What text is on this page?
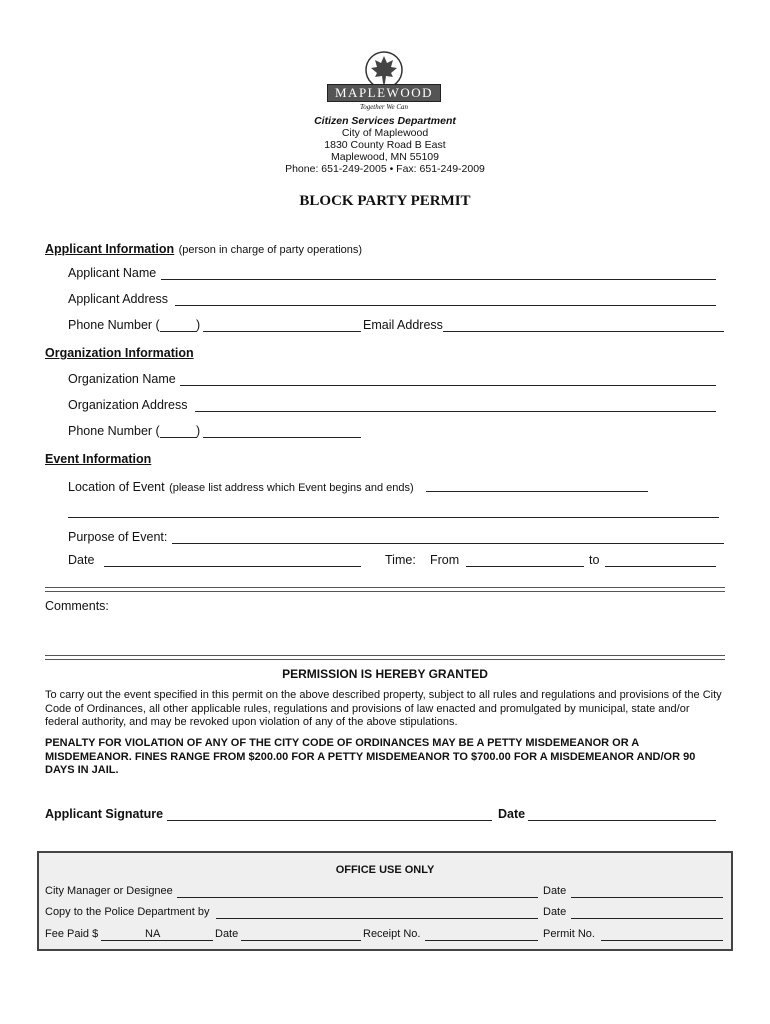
MAPLEWOOD
Together We Can
Citizen Services Department
City of Maplewood
1830 County Road B East
Maplewood, MN 55109
Phone: 651-249-2005 • Fax: 651-249-2009
BLOCK PARTY PERMIT
Applicant Information (person in charge of party operations)
Applicant Name
Applicant Address
Phone Number (	)	Email Address
Organization Information
Organization Name
Organization Address
Phone Number (	)
Event Information
Location of Event (please list address which Event begins and ends)
Purpose of Event:
Date	Time: From	to
Comments:
PERMISSION IS HEREBY GRANTED
To carry out the event specified in this permit on the above described property, subject to all rules and regulations and provisions of the City Code of Ordinances, all other applicable rules, regulations and provisions of law enacted and promulgated by municipal, state and/or federal authority, and may be revoked upon violation of any of the above stipulations.
PENALTY FOR VIOLATION OF ANY OF THE CITY CODE OF ORDINANCES MAY BE A PETTY MISDEMEANOR OR A MISDEMEANOR. FINES RANGE FROM $200.00 FOR A PETTY MISDEMEANOR TO $700.00 FOR A MISDEMEANOR AND/OR 90 DAYS IN JAIL.
Applicant Signature	Date
OFFICE USE ONLY
City Manager or Designee	Date
Copy to the Police Department by	Date
Fee Paid $	NA	Date	Receipt No.	Permit No.
